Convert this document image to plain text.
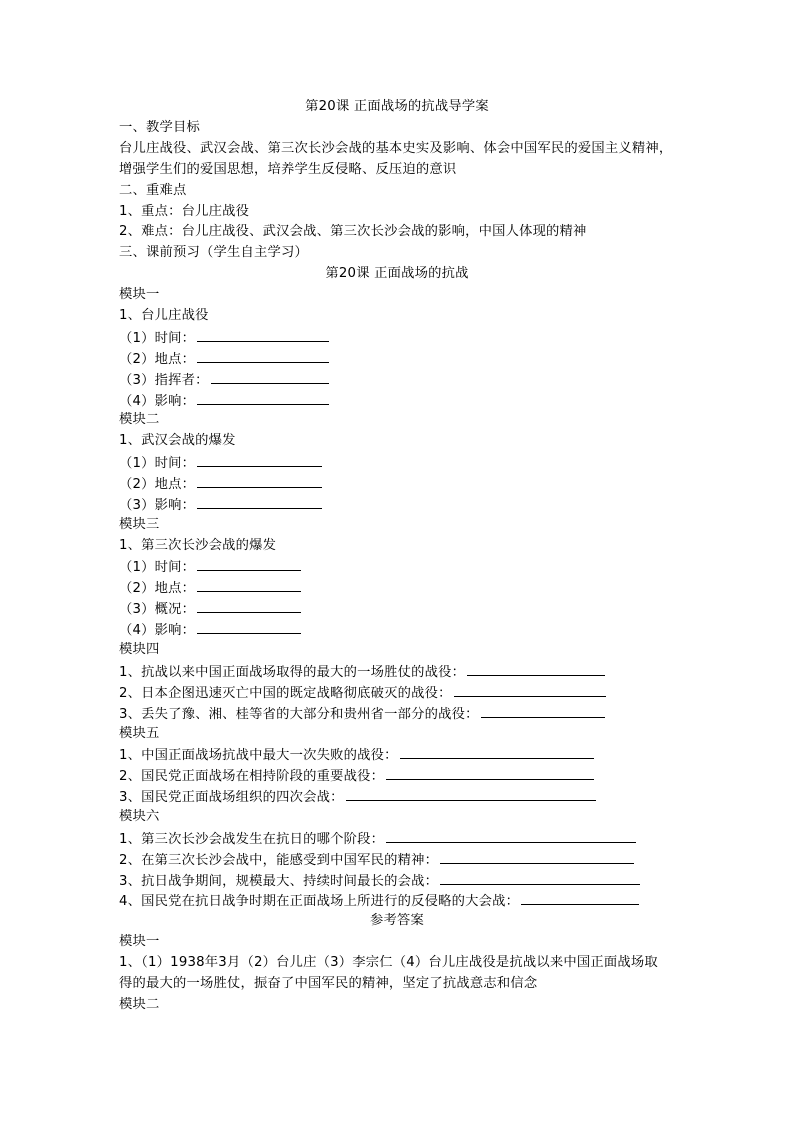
第20课 正面战场的抗战导学案
一、教学目标
台儿庄战役、武汉会战、第三次长沙会战的基本史实及影响、体会中国军民的爱国主义精神，
增强学生们的爱国思想，培养学生反侵略、反压迫的意识
二、重难点
1、重点：台儿庄战役
2、难点：台儿庄战役、武汉会战、第三次长沙会战的影响，中国人体现的精神
三、课前预习（学生自主学习）
第20课 正面战场的抗战
模块一
1、台儿庄战役
（1）时间：
（2）地点：
（3）指挥者：
（4）影响：
模块二
1、武汉会战的爆发
（1）时间：
（2）地点：
（3）影响：
模块三
1、第三次长沙会战的爆发
（1）时间：
（2）地点：
（3）概况：
（4）影响：
模块四
1、抗战以来中国正面战场取得的最大的一场胜仗的战役：
2、日本企图迅速灭亡中国的既定战略彻底破灭的战役：
3、丢失了豫、湘、桂等省的大部分和贵州省一部分的战役：
模块五
1、中国正面战场抗战中最大一次失败的战役：
2、国民党正面战场在相持阶段的重要战役：
3、国民党正面战场组织的四次会战：
模块六
1、第三次长沙会战发生在抗日的哪个阶段：
2、在第三次长沙会战中，能感受到中国军民的精神：
3、抗日战争期间，规模最大、持续时间最长的会战：
4、国民党在抗日战争时期在正面战场上所进行的反侵略的大会战：
参考答案
模块一
1、（1）1938年3月（2）台儿庄（3）李宗仁（4）台儿庄战役是抗战以来中国正面战场取
得的最大的一场胜仗，振奋了中国军民的精神，坚定了抗战意志和信念
模块二
